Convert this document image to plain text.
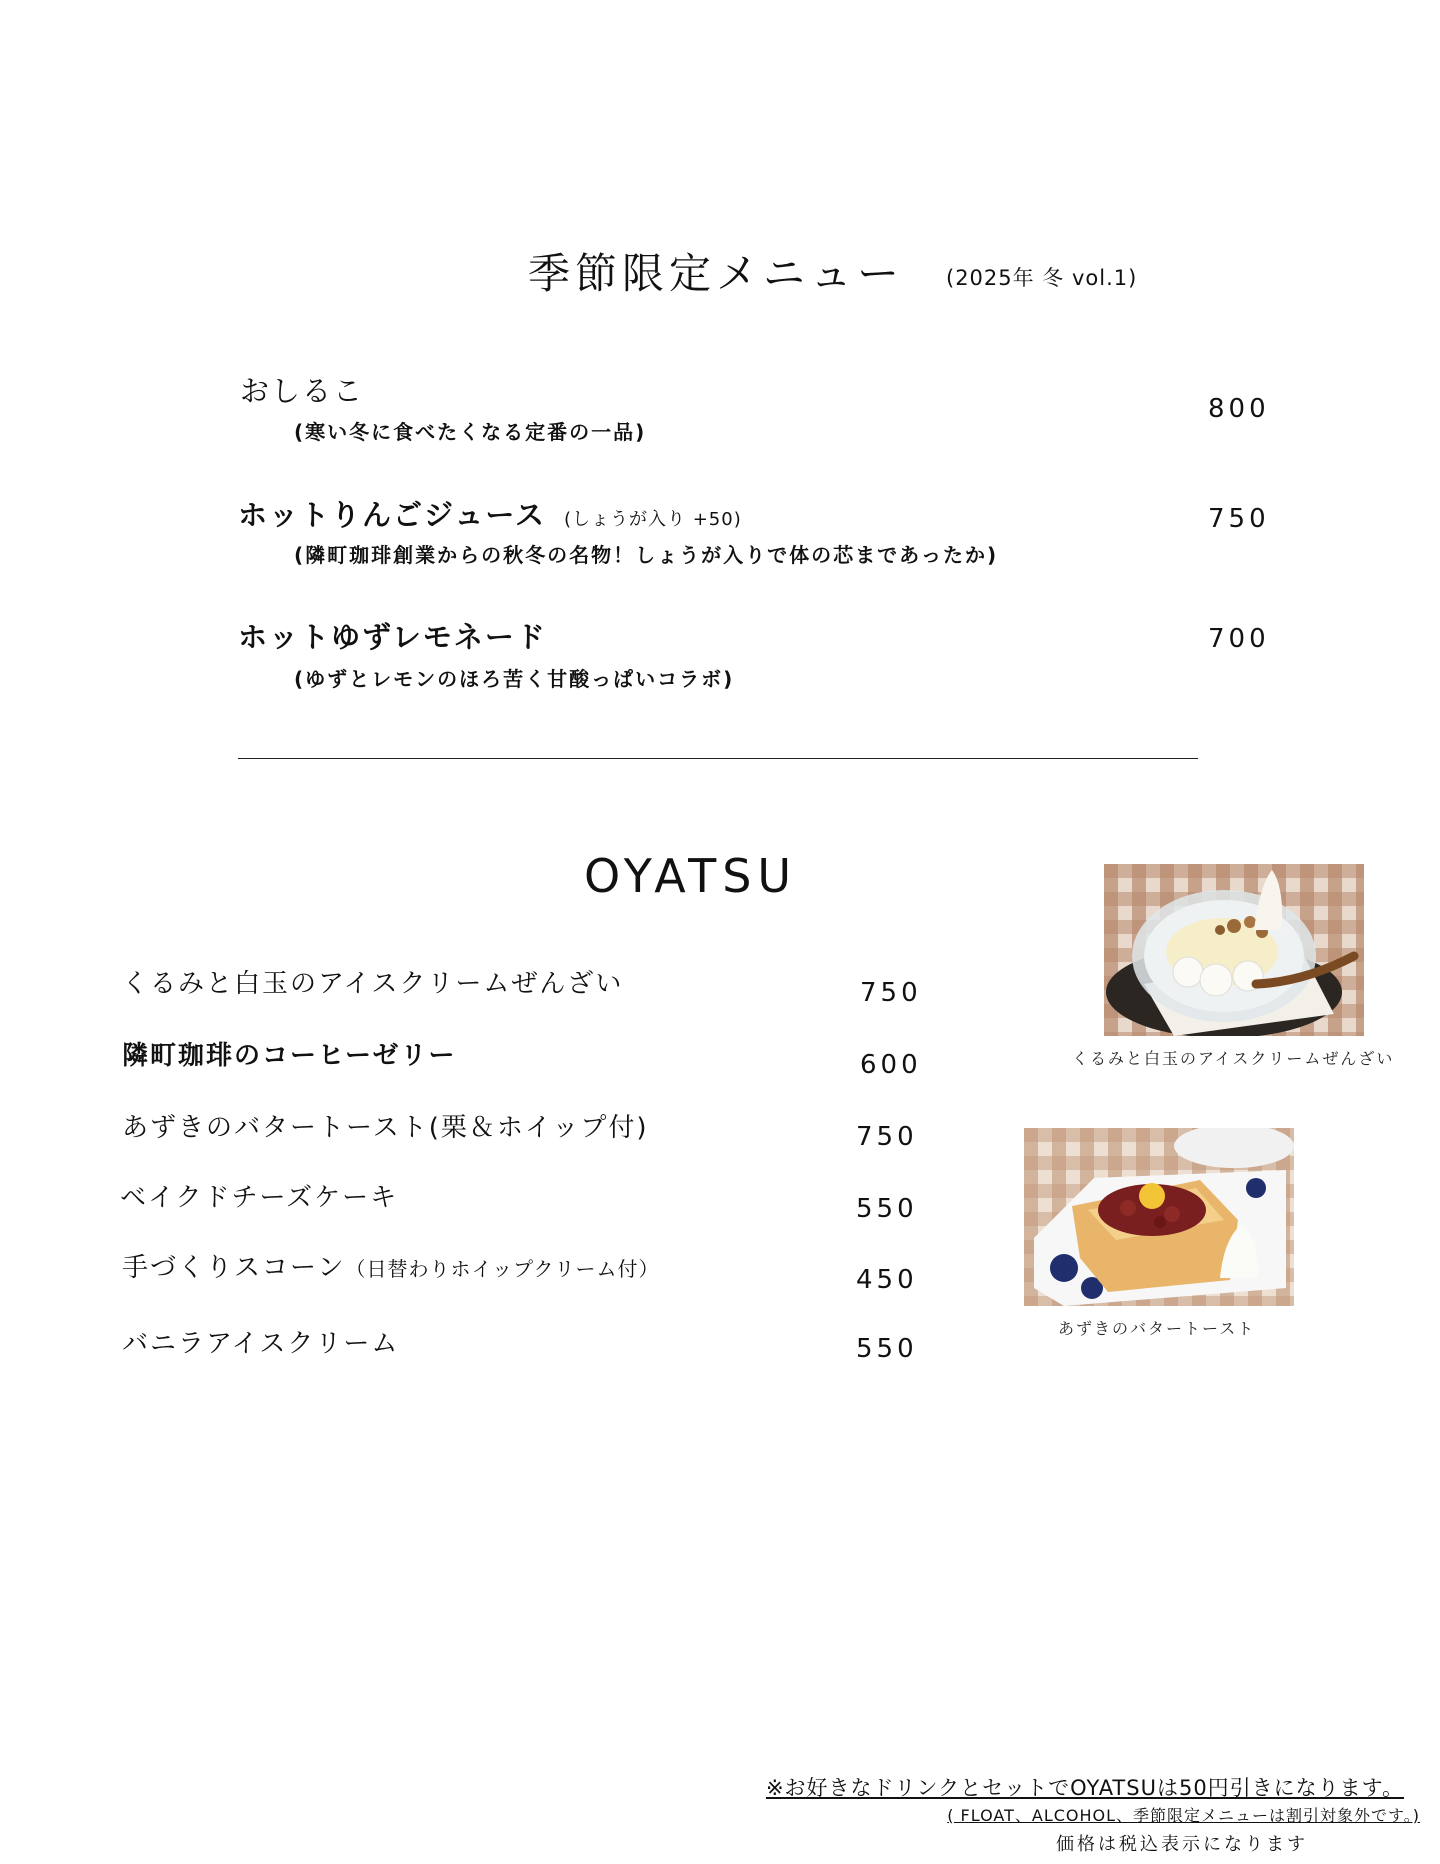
季節限定メニュー (2025年 冬 vol.1)
おしるこ
(寒い冬に食べたくなる定番の一品)
800
ホットりんごジュース (しょうが入り +50)
(隣町珈琲創業からの秋冬の名物！しょうが入りで体の芯まであったか)
750
ホットゆずレモネード
(ゆずとレモンのほろ苦く甘酸っぱいコラボ)
700
OYATSU
くるみと白玉のアイスクリームぜんざい	750
隣町珈琲のコーヒーゼリー	600
あずきのバタートースト(栗＆ホイップ付)	750
ベイクドチーズケーキ	550
手づくりスコーン（日替わりホイップクリーム付）	450
バニラアイスクリーム	550
くるみと白玉のアイスクリームぜんざい
あずきのバタートースト
※お好きなドリンクとセットでOYATSUは50円引きになります。
( FLOAT、ALCOHOL、季節限定メニューは割引対象外です。)
価格は税込表示になります
